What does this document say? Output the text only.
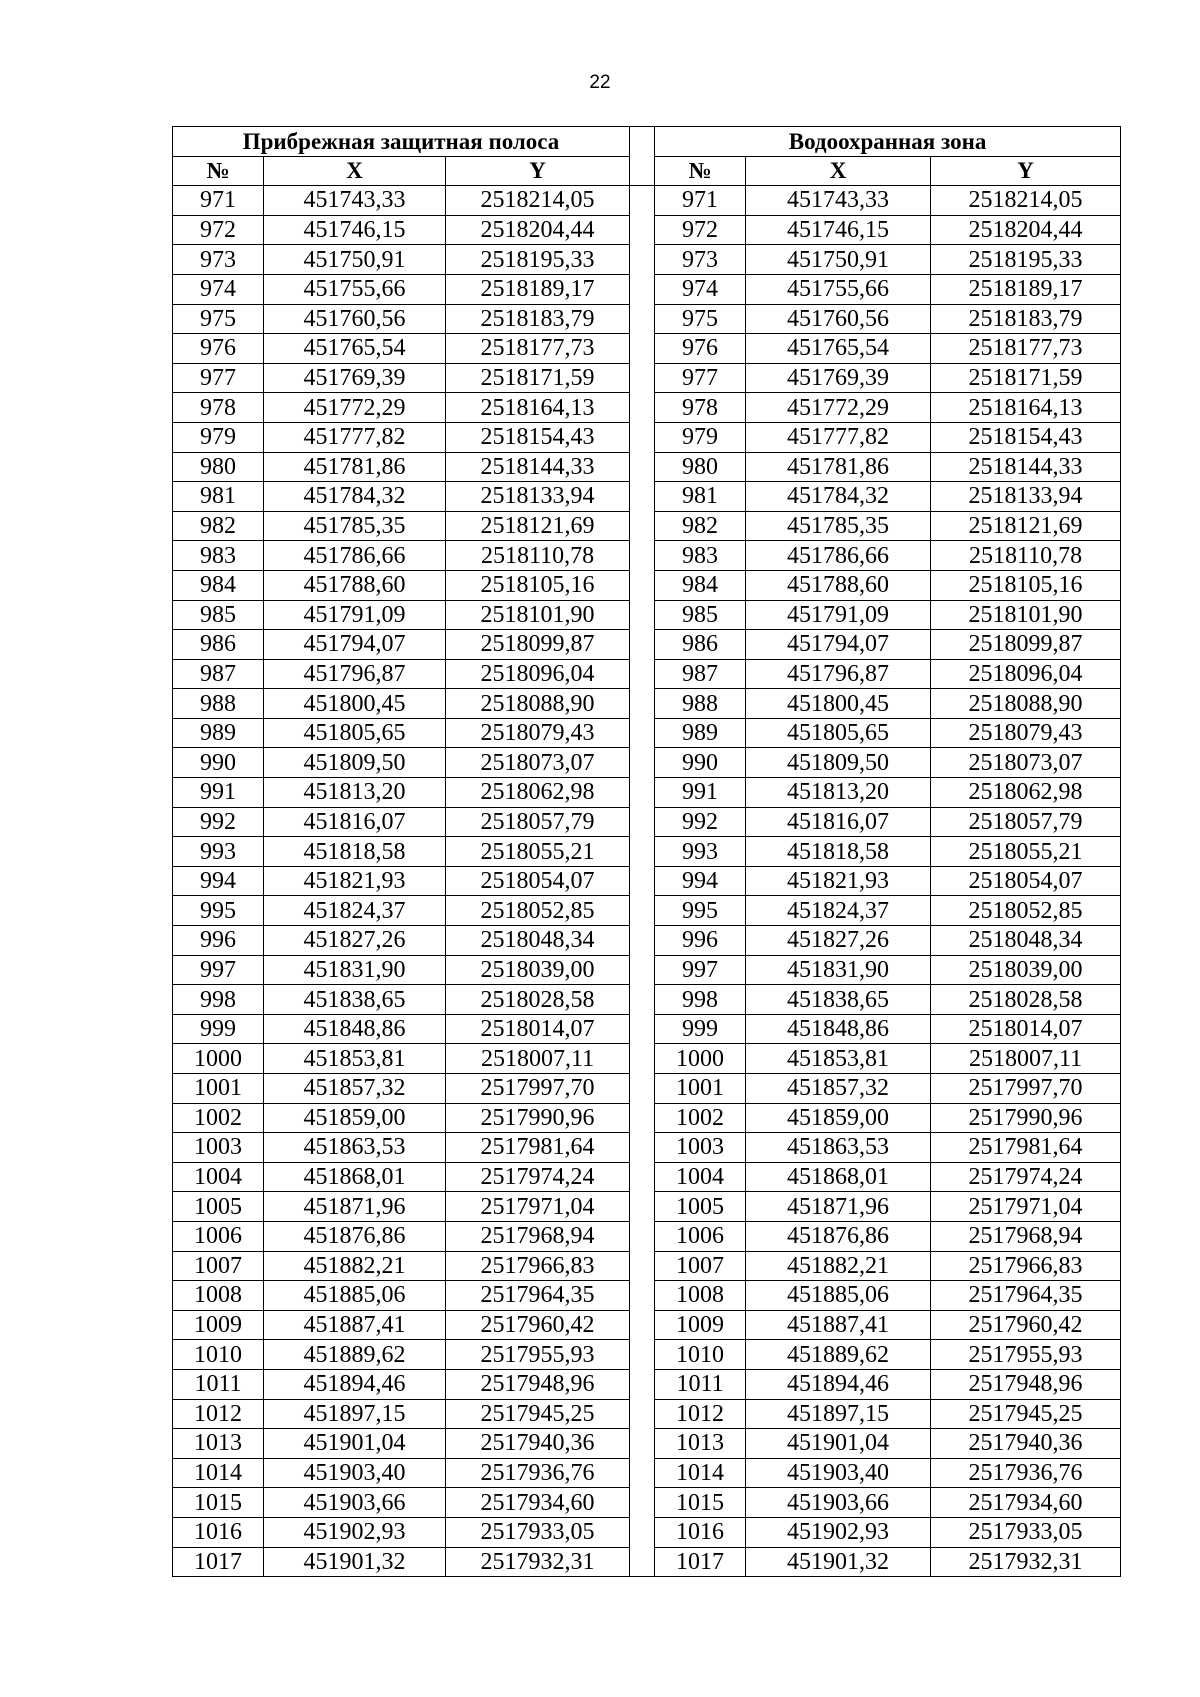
22
Прибрежная защитная полоса				Водоохранная зона		
№	X	Y		№	X	Y
971	451743,33	2518214,05		971	451743,33	2518214,05
972	451746,15	2518204,44		972	451746,15	2518204,44
973	451750,91	2518195,33		973	451750,91	2518195,33
974	451755,66	2518189,17		974	451755,66	2518189,17
975	451760,56	2518183,79		975	451760,56	2518183,79
976	451765,54	2518177,73		976	451765,54	2518177,73
977	451769,39	2518171,59		977	451769,39	2518171,59
978	451772,29	2518164,13		978	451772,29	2518164,13
979	451777,82	2518154,43		979	451777,82	2518154,43
980	451781,86	2518144,33		980	451781,86	2518144,33
981	451784,32	2518133,94		981	451784,32	2518133,94
982	451785,35	2518121,69		982	451785,35	2518121,69
983	451786,66	2518110,78		983	451786,66	2518110,78
984	451788,60	2518105,16		984	451788,60	2518105,16
985	451791,09	2518101,90		985	451791,09	2518101,90
986	451794,07	2518099,87		986	451794,07	2518099,87
987	451796,87	2518096,04		987	451796,87	2518096,04
988	451800,45	2518088,90		988	451800,45	2518088,90
989	451805,65	2518079,43		989	451805,65	2518079,43
990	451809,50	2518073,07		990	451809,50	2518073,07
991	451813,20	2518062,98		991	451813,20	2518062,98
992	451816,07	2518057,79		992	451816,07	2518057,79
993	451818,58	2518055,21		993	451818,58	2518055,21
994	451821,93	2518054,07		994	451821,93	2518054,07
995	451824,37	2518052,85		995	451824,37	2518052,85
996	451827,26	2518048,34		996	451827,26	2518048,34
997	451831,90	2518039,00		997	451831,90	2518039,00
998	451838,65	2518028,58		998	451838,65	2518028,58
999	451848,86	2518014,07		999	451848,86	2518014,07
1000	451853,81	2518007,11		1000	451853,81	2518007,11
1001	451857,32	2517997,70		1001	451857,32	2517997,70
1002	451859,00	2517990,96		1002	451859,00	2517990,96
1003	451863,53	2517981,64		1003	451863,53	2517981,64
1004	451868,01	2517974,24		1004	451868,01	2517974,24
1005	451871,96	2517971,04		1005	451871,96	2517971,04
1006	451876,86	2517968,94		1006	451876,86	2517968,94
1007	451882,21	2517966,83		1007	451882,21	2517966,83
1008	451885,06	2517964,35		1008	451885,06	2517964,35
1009	451887,41	2517960,42		1009	451887,41	2517960,42
1010	451889,62	2517955,93		1010	451889,62	2517955,93
1011	451894,46	2517948,96		1011	451894,46	2517948,96
1012	451897,15	2517945,25		1012	451897,15	2517945,25
1013	451901,04	2517940,36		1013	451901,04	2517940,36
1014	451903,40	2517936,76		1014	451903,40	2517936,76
1015	451903,66	2517934,60		1015	451903,66	2517934,60
1016	451902,93	2517933,05		1016	451902,93	2517933,05
1017	451901,32	2517932,31		1017	451901,32	2517932,31
